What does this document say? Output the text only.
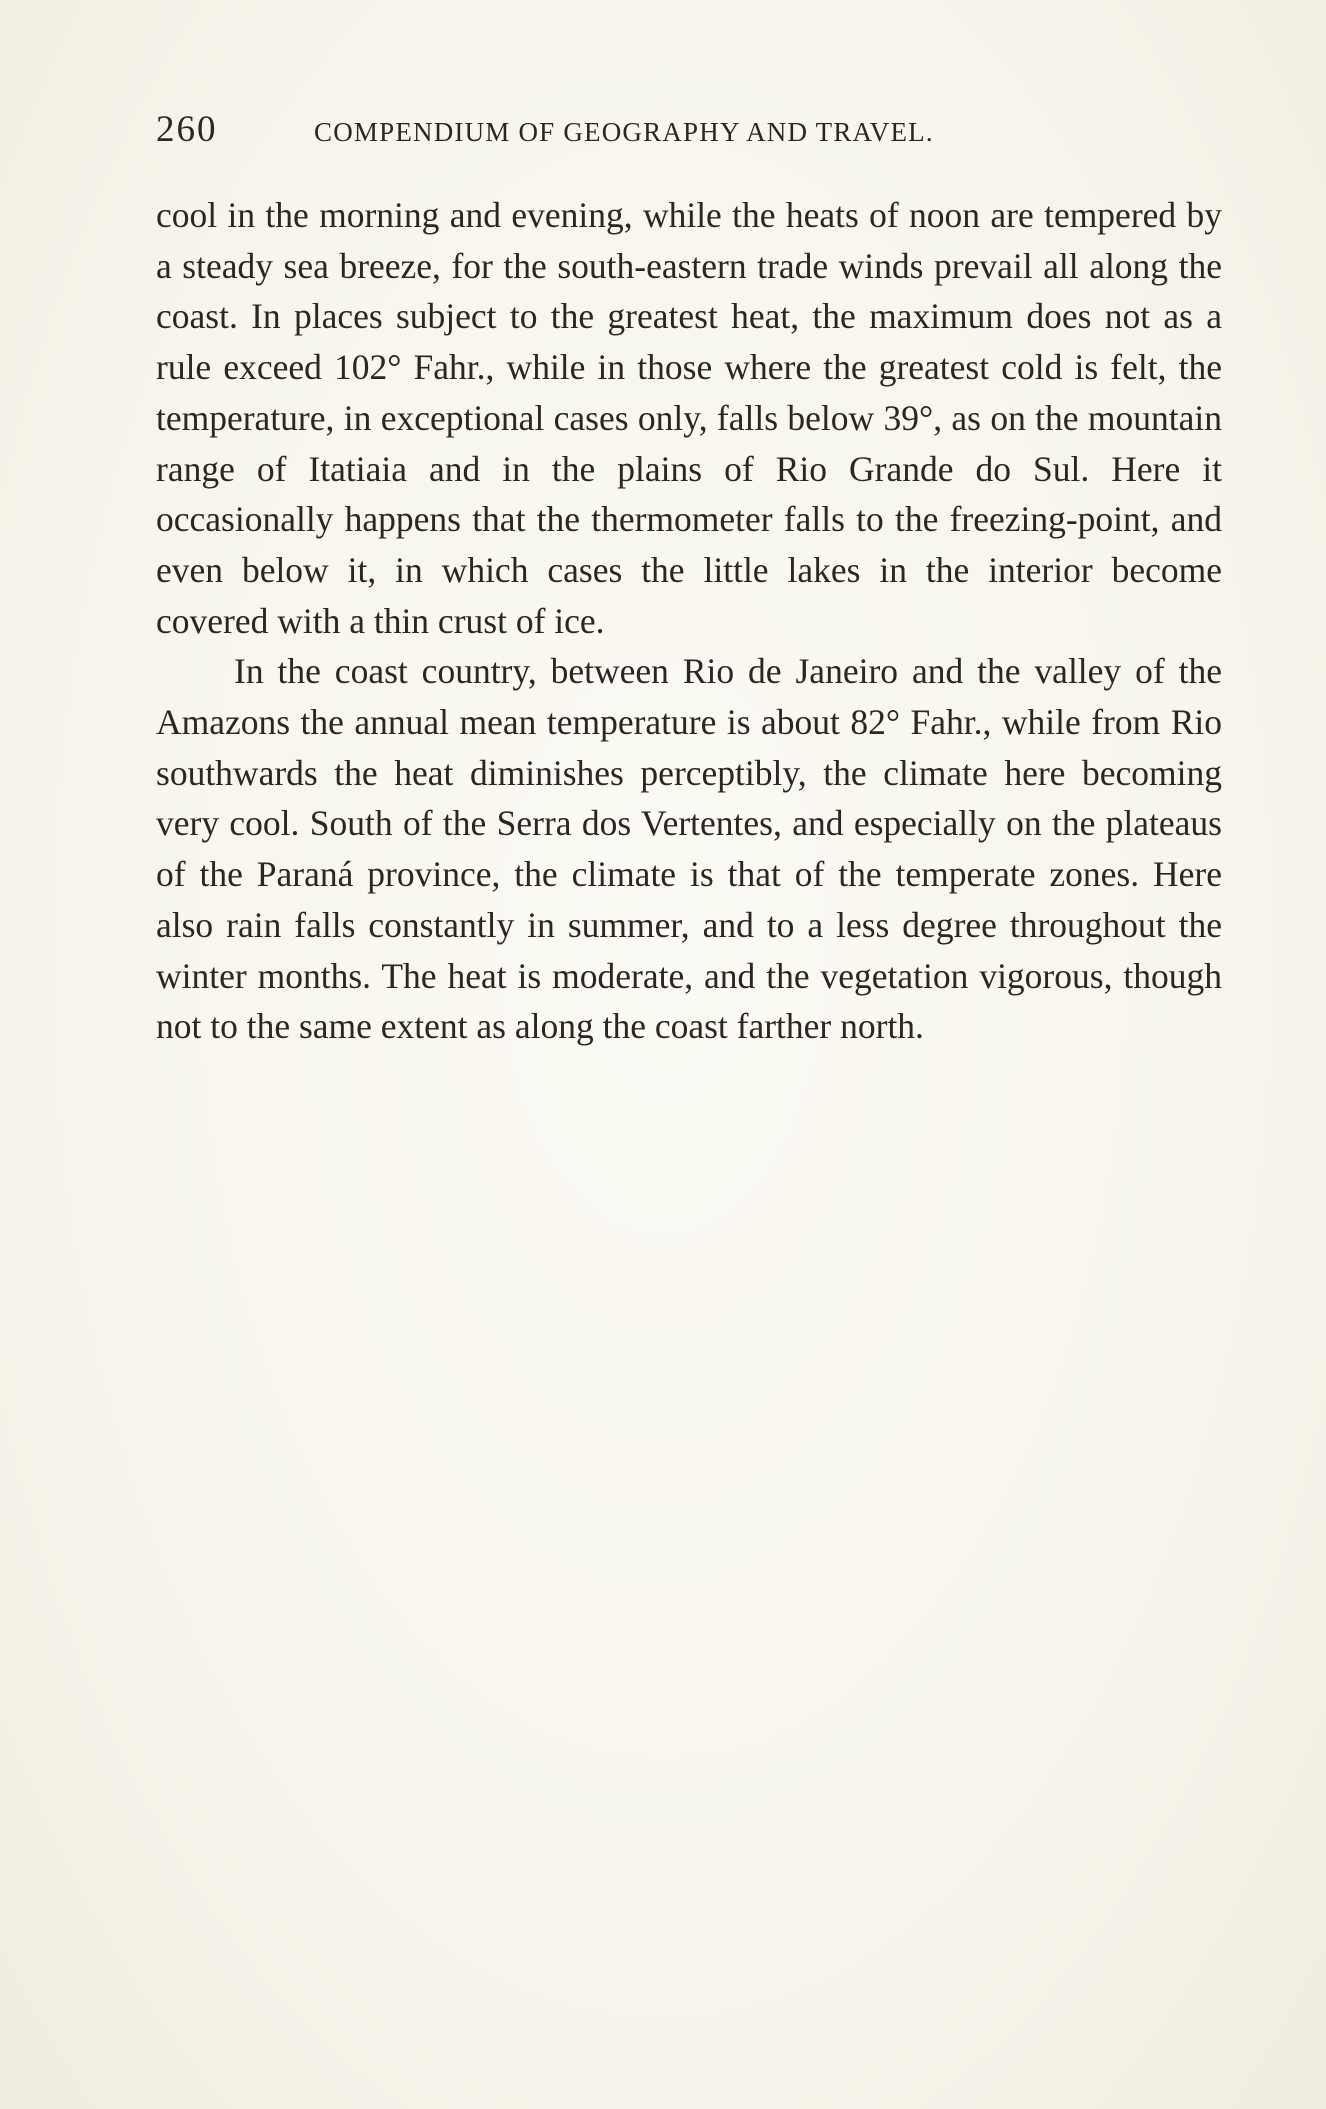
260	COMPENDIUM OF GEOGRAPHY AND TRAVEL.

cool in the morning and evening, while the heats of noon are tempered by a steady sea breeze, for the south-eastern trade winds prevail all along the coast. In places subject to the greatest heat, the maximum does not as a rule exceed 102° Fahr., while in those where the greatest cold is felt, the temperature, in exceptional cases only, falls below 39°, as on the mountain range of Itatiaia and in the plains of Rio Grande do Sul. Here it occasionally happens that the thermometer falls to the freezing-point, and even below it, in which cases the little lakes in the interior become covered with a thin crust of ice.

In the coast country, between Rio de Janeiro and the valley of the Amazons the annual mean temperature is about 82° Fahr., while from Rio southwards the heat diminishes perceptibly, the climate here becoming very cool. South of the Serra dos Vertentes, and especially on the plateaus of the Paraná province, the climate is that of the temperate zones. Here also rain falls constantly in summer, and to a less degree throughout the winter months. The heat is moderate, and the vegetation vigorous, though not to the same extent as along the coast farther north.
